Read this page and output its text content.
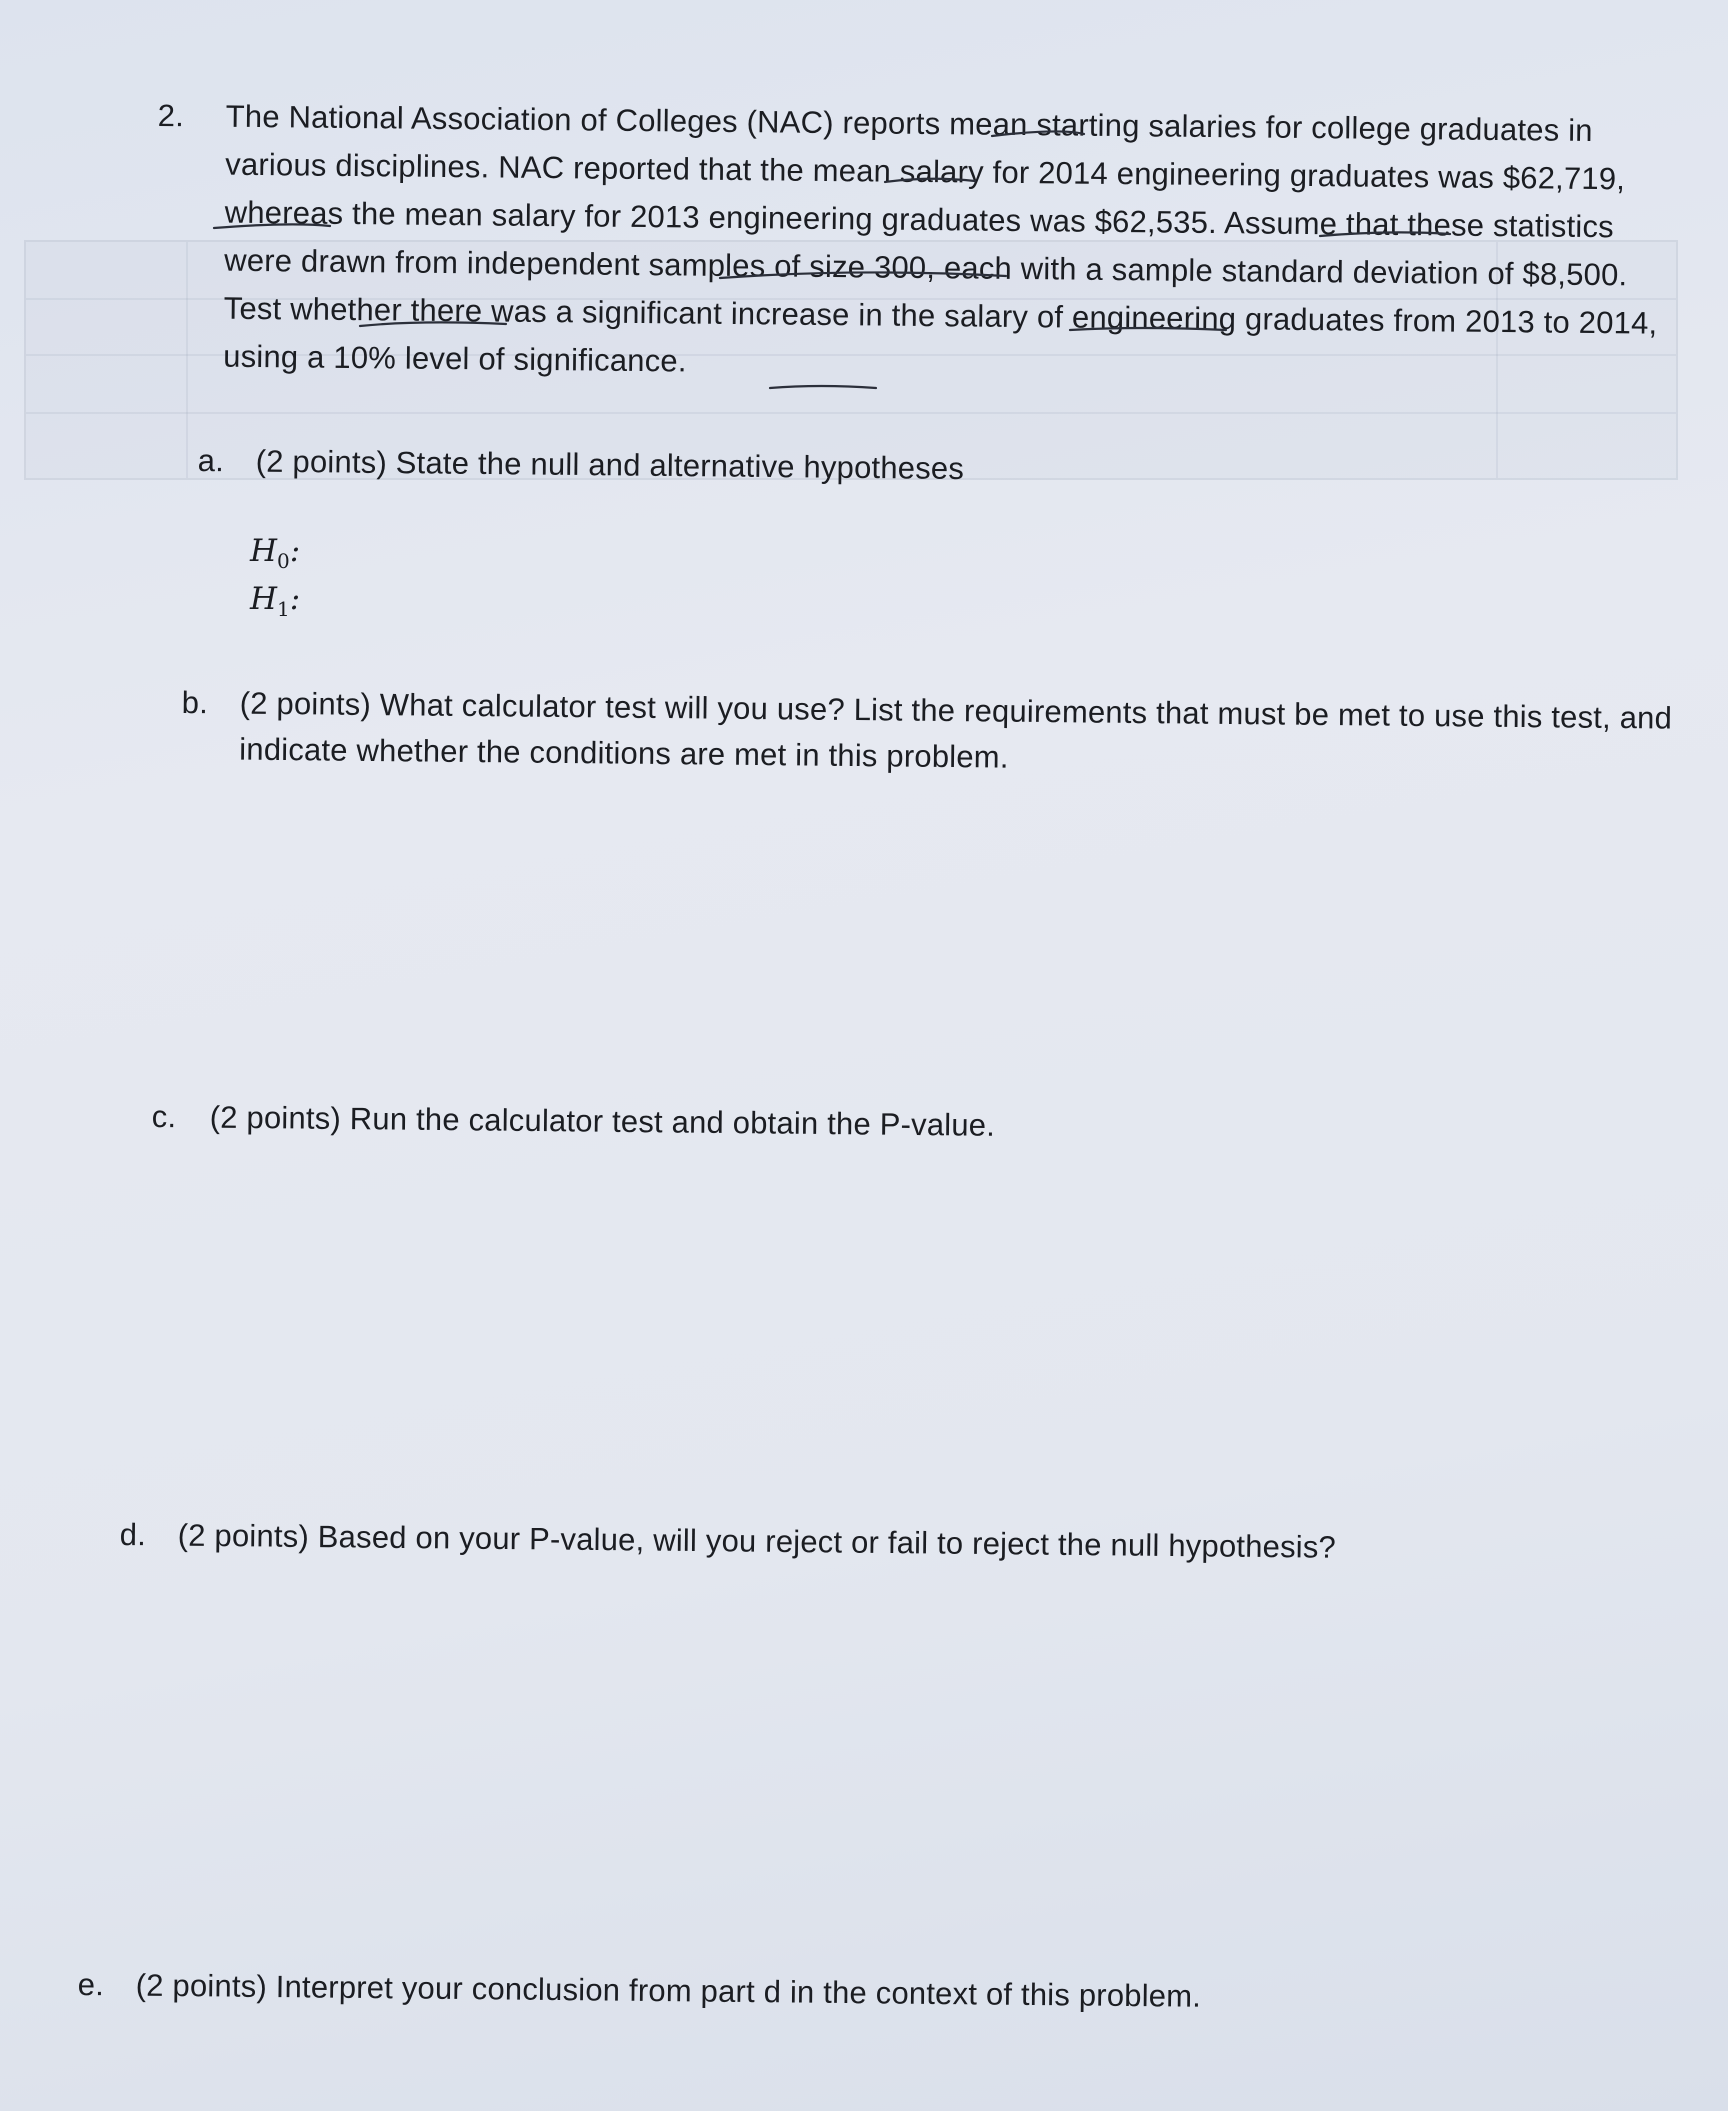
2. The National Association of Colleges (NAC) reports mean starting salaries for college graduates in various disciplines. NAC reported that the mean salary for 2014 engineering graduates was $62,719, whereas the mean salary for 2013 engineering graduates was $62,535. Assume that these statistics were drawn from independent samples of size 300, each with a sample standard deviation of $8,500. Test whether there was a significant increase in the salary of engineering graduates from 2013 to 2014, using a 10% level of significance.
a. (2 points) State the null and alternative hypotheses
$H_0$:
$H_1$:
b. (2 points) What calculator test will you use? List the requirements that must be met to use this test, and indicate whether the conditions are met in this problem.
c. (2 points) Run the calculator test and obtain the P-value.
d. (2 points) Based on your P-value, will you reject or fail to reject the null hypothesis?
e. (2 points) Interpret your conclusion from part d in the context of this problem.
